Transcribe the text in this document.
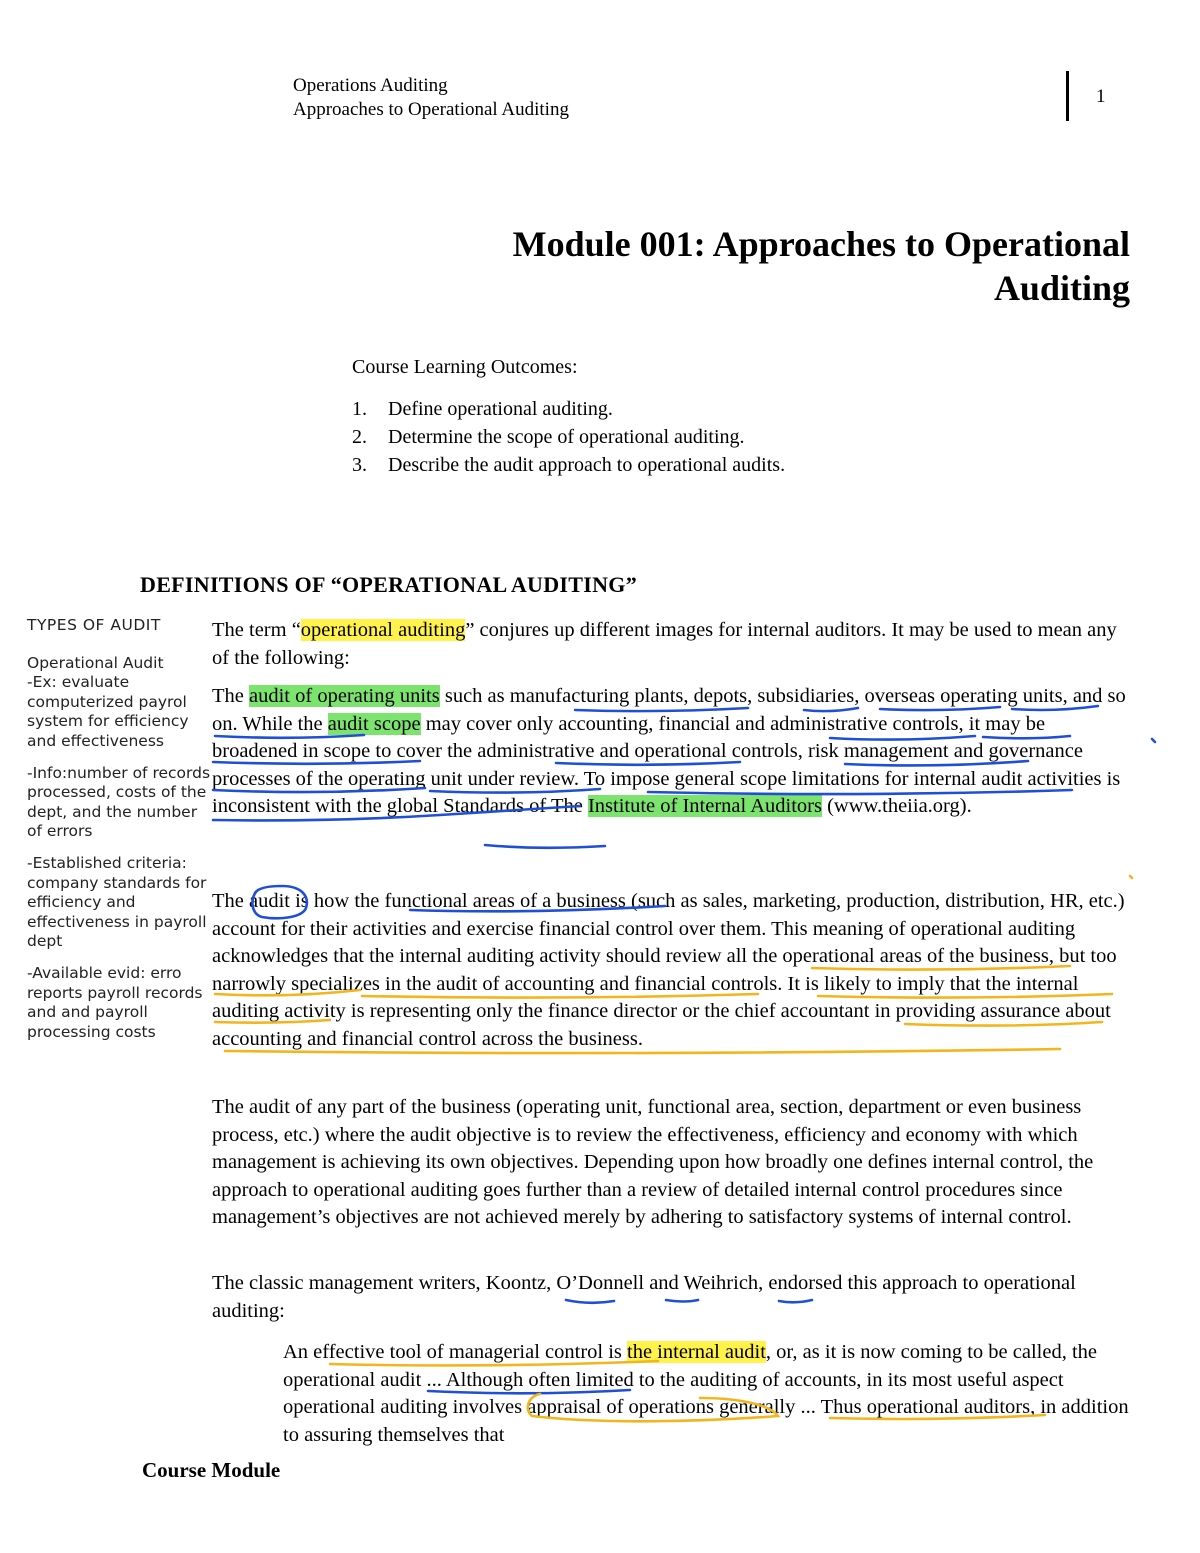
Operations Auditing
Approaches to Operational Auditing
1
Module 001: Approaches to Operational Auditing
Course Learning Outcomes:
1. Define operational auditing.
2. Determine the scope of operational auditing.
3. Describe the audit approach to operational audits.
DEFINITIONS OF “OPERATIONAL AUDITING”
TYPES OF AUDIT

Operational Audit
-Ex: evaluate computerized payrol system for efficiency and effectiveness

-Info:number of records processed, costs of the dept, and the number of errors

-Established criteria: company standards for efficiency and effectiveness in payroll dept

-Available evid: erro reports payroll records and and payroll processing costs

The term “operational auditing” conjures up different images for internal auditors. It may be used to mean any of the following:

The audit of operating units such as manufacturing plants, depots, subsidiaries, overseas operating units, and so on. While the audit scope may cover only accounting, financial and administrative controls, it may be broadened in scope to cover the administrative and operational controls, risk management and governance processes of the operating unit under review. To impose general scope limitations for internal audit activities is inconsistent with the global Standards of The Institute of Internal Auditors (www.theiia.org).

The audit is how the functional areas of a business (such as sales, marketing, production, distribution, HR, etc.) account for their activities and exercise financial control over them. This meaning of operational auditing acknowledges that the internal auditing activity should review all the operational areas of the business, but too narrowly specializes in the audit of accounting and financial controls. It is likely to imply that the internal auditing activity is representing only the finance director or the chief accountant in providing assurance about accounting and financial control across the business.

The audit of any part of the business (operating unit, functional area, section, department or even business process, etc.) where the audit objective is to review the effectiveness, efficiency and economy with which management is achieving its own objectives. Depending upon how broadly one defines internal control, the approach to operational auditing goes further than a review of detailed internal control procedures since management’s objectives are not achieved merely by adhering to satisfactory systems of internal control.

The classic management writers, Koontz, O’Donnell and Weihrich, endorsed this approach to operational auditing:

An effective tool of managerial control is the internal audit, or, as it is now coming to be called, the operational audit ... Although often limited to the auditing of accounts, in its most useful aspect operational auditing involves appraisal of operations generally ... Thus operational auditors, in addition to assuring themselves that

Course Module
